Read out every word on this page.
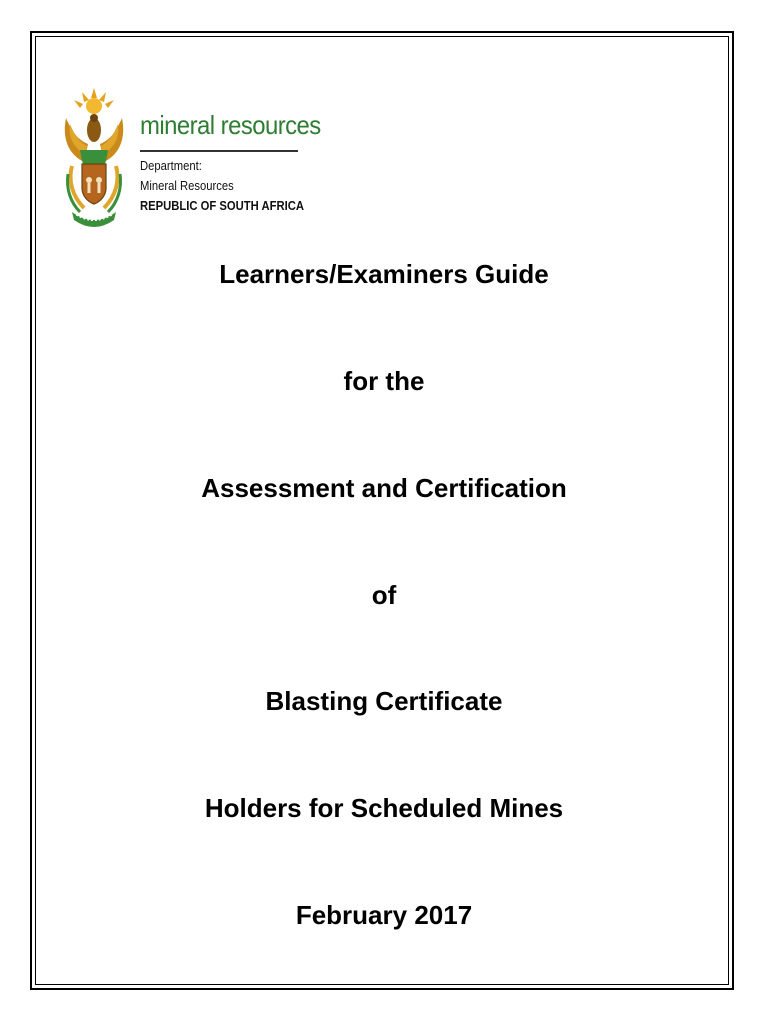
mineral resources
Department:
Mineral Resources
REPUBLIC OF SOUTH AFRICA
Learners/Examiners Guide
for the
Assessment and Certification
of
Blasting Certificate
Holders for Scheduled Mines
February 2017
